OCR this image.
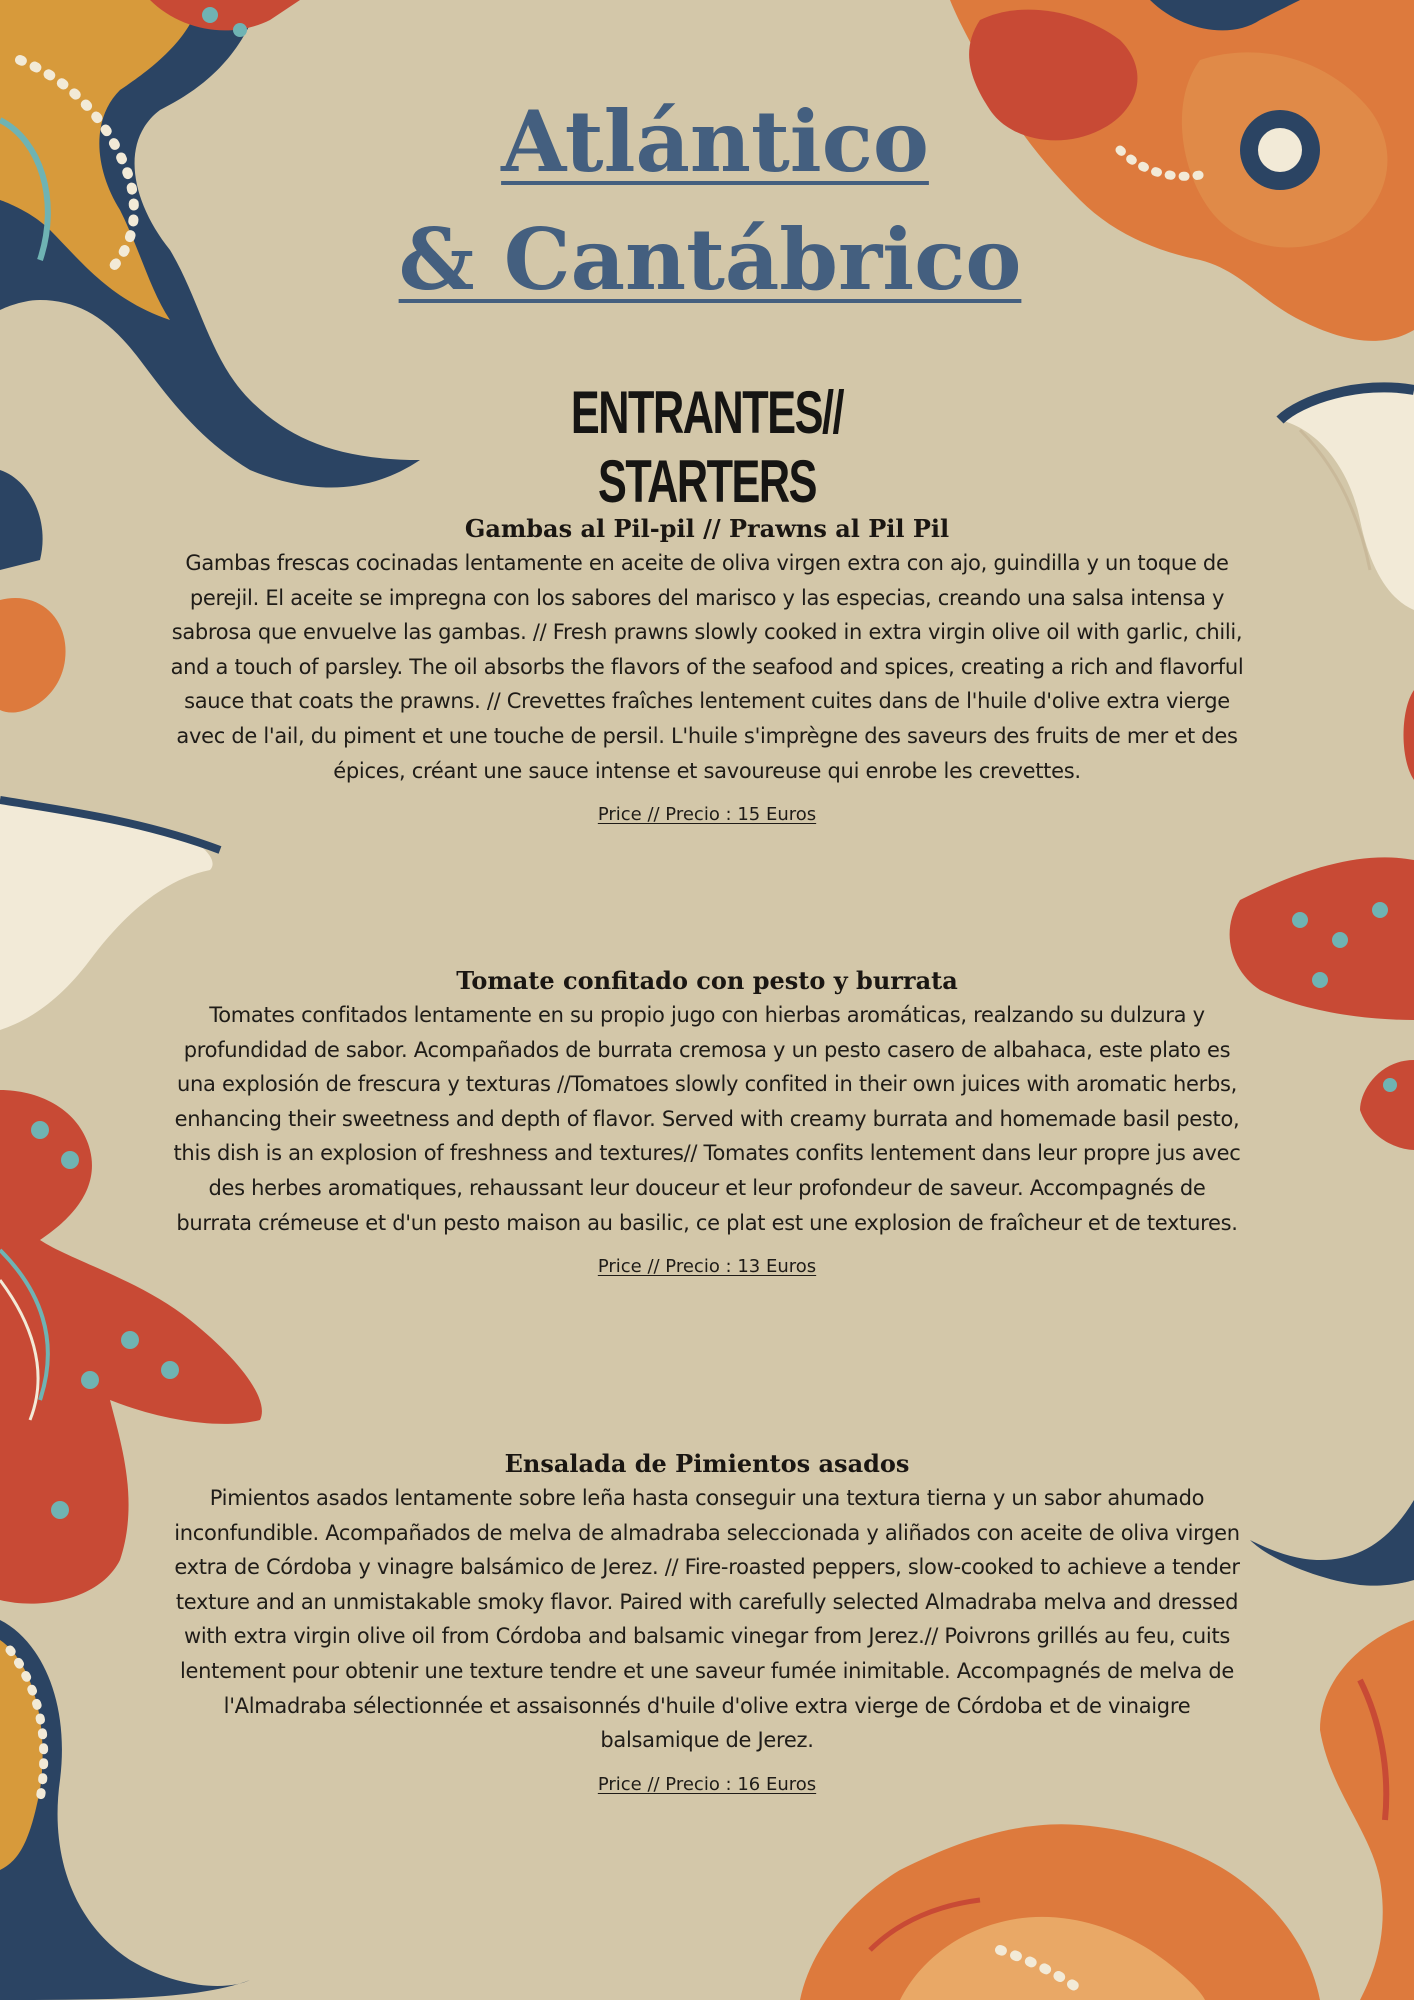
Atlántico
& Cantábrico
ENTRANTES// STARTERS
Gambas al Pil-pil // Prawns al Pil Pil

Gambas frescas cocinadas lentamente en aceite de oliva virgen extra con ajo, guindilla y un toque de perejil. El aceite se impregna con los sabores del marisco y las especias, creando una salsa intensa y sabrosa que envuelve las gambas. // Fresh prawns slowly cooked in extra virgin olive oil with garlic, chili, and a touch of parsley. The oil absorbs the flavors of the seafood and spices, creating a rich and flavorful sauce that coats the prawns. // Crevettes fraîches lentement cuites dans de l'huile d'olive extra vierge avec de l'ail, du piment et une touche de persil. L'huile s'imprègne des saveurs des fruits de mer et des épices, créant une sauce intense et savoureuse qui enrobe les crevettes.

Price // Precio : 15 Euros
Tomate confitado con pesto y burrata

Tomates confitados lentamente en su propio jugo con hierbas aromáticas, realzando su dulzura y profundidad de sabor. Acompañados de burrata cremosa y un pesto casero de albahaca, este plato es una explosión de frescura y texturas //Tomatoes slowly confited in their own juices with aromatic herbs, enhancing their sweetness and depth of flavor. Served with creamy burrata and homemade basil pesto, this dish is an explosion of freshness and textures// Tomates confits lentement dans leur propre jus avec des herbes aromatiques, rehaussant leur douceur et leur profondeur de saveur. Accompagnés de burrata crémeuse et d'un pesto maison au basilic, ce plat est une explosion de fraîcheur et de textures.

Price // Precio : 13 Euros
Ensalada de Pimientos asados

Pimientos asados lentamente sobre leña hasta conseguir una textura tierna y un sabor ahumado inconfundible. Acompañados de melva de almadraba seleccionada y aliñados con aceite de oliva virgen extra de Córdoba y vinagre balsámico de Jerez. // Fire-roasted peppers, slow-cooked to achieve a tender texture and an unmistakable smoky flavor. Paired with carefully selected Almadraba melva and dressed with extra virgin olive oil from Córdoba and balsamic vinegar from Jerez.// Poivrons grillés au feu, cuits lentement pour obtenir une texture tendre et une saveur fumée inimitable. Accompagnés de melva de l'Almadraba sélectionnée et assaisonnés d'huile d'olive extra vierge de Córdoba et de vinaigre balsamique de Jerez.

Price // Precio : 16 Euros
